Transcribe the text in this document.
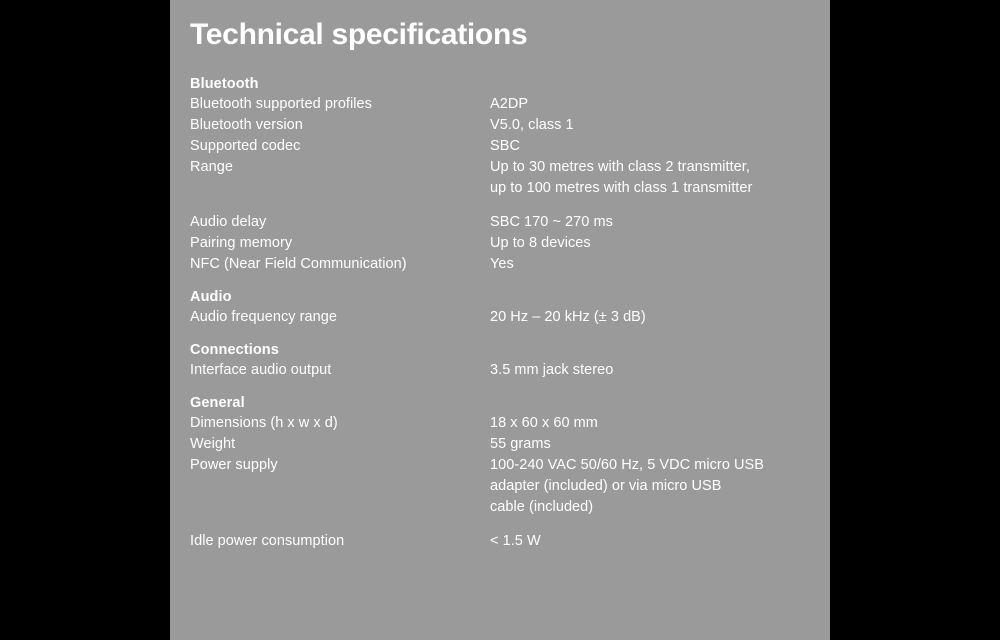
Technical specifications
Bluetooth
Bluetooth supported profiles	A2DP
Bluetooth version	V5.0, class 1
Supported codec	SBC
Range	Up to 30 metres with class 2 transmitter,
up to 100 metres with class 1 transmitter
Audio delay	SBC 170 ~ 270 ms
Pairing memory	Up to 8 devices
NFC (Near Field Communication)	Yes
Audio
Audio frequency range	20 Hz – 20 kHz (± 3 dB)
Connections
Interface audio output	3.5 mm jack stereo
General
Dimensions (h x w x d)	18 x 60 x 60 mm
Weight	55 grams
Power supply	100-240 VAC 50/60 Hz, 5 VDC micro USB
adapter (included) or via micro USB
cable (included)
Idle power consumption	< 1.5 W
